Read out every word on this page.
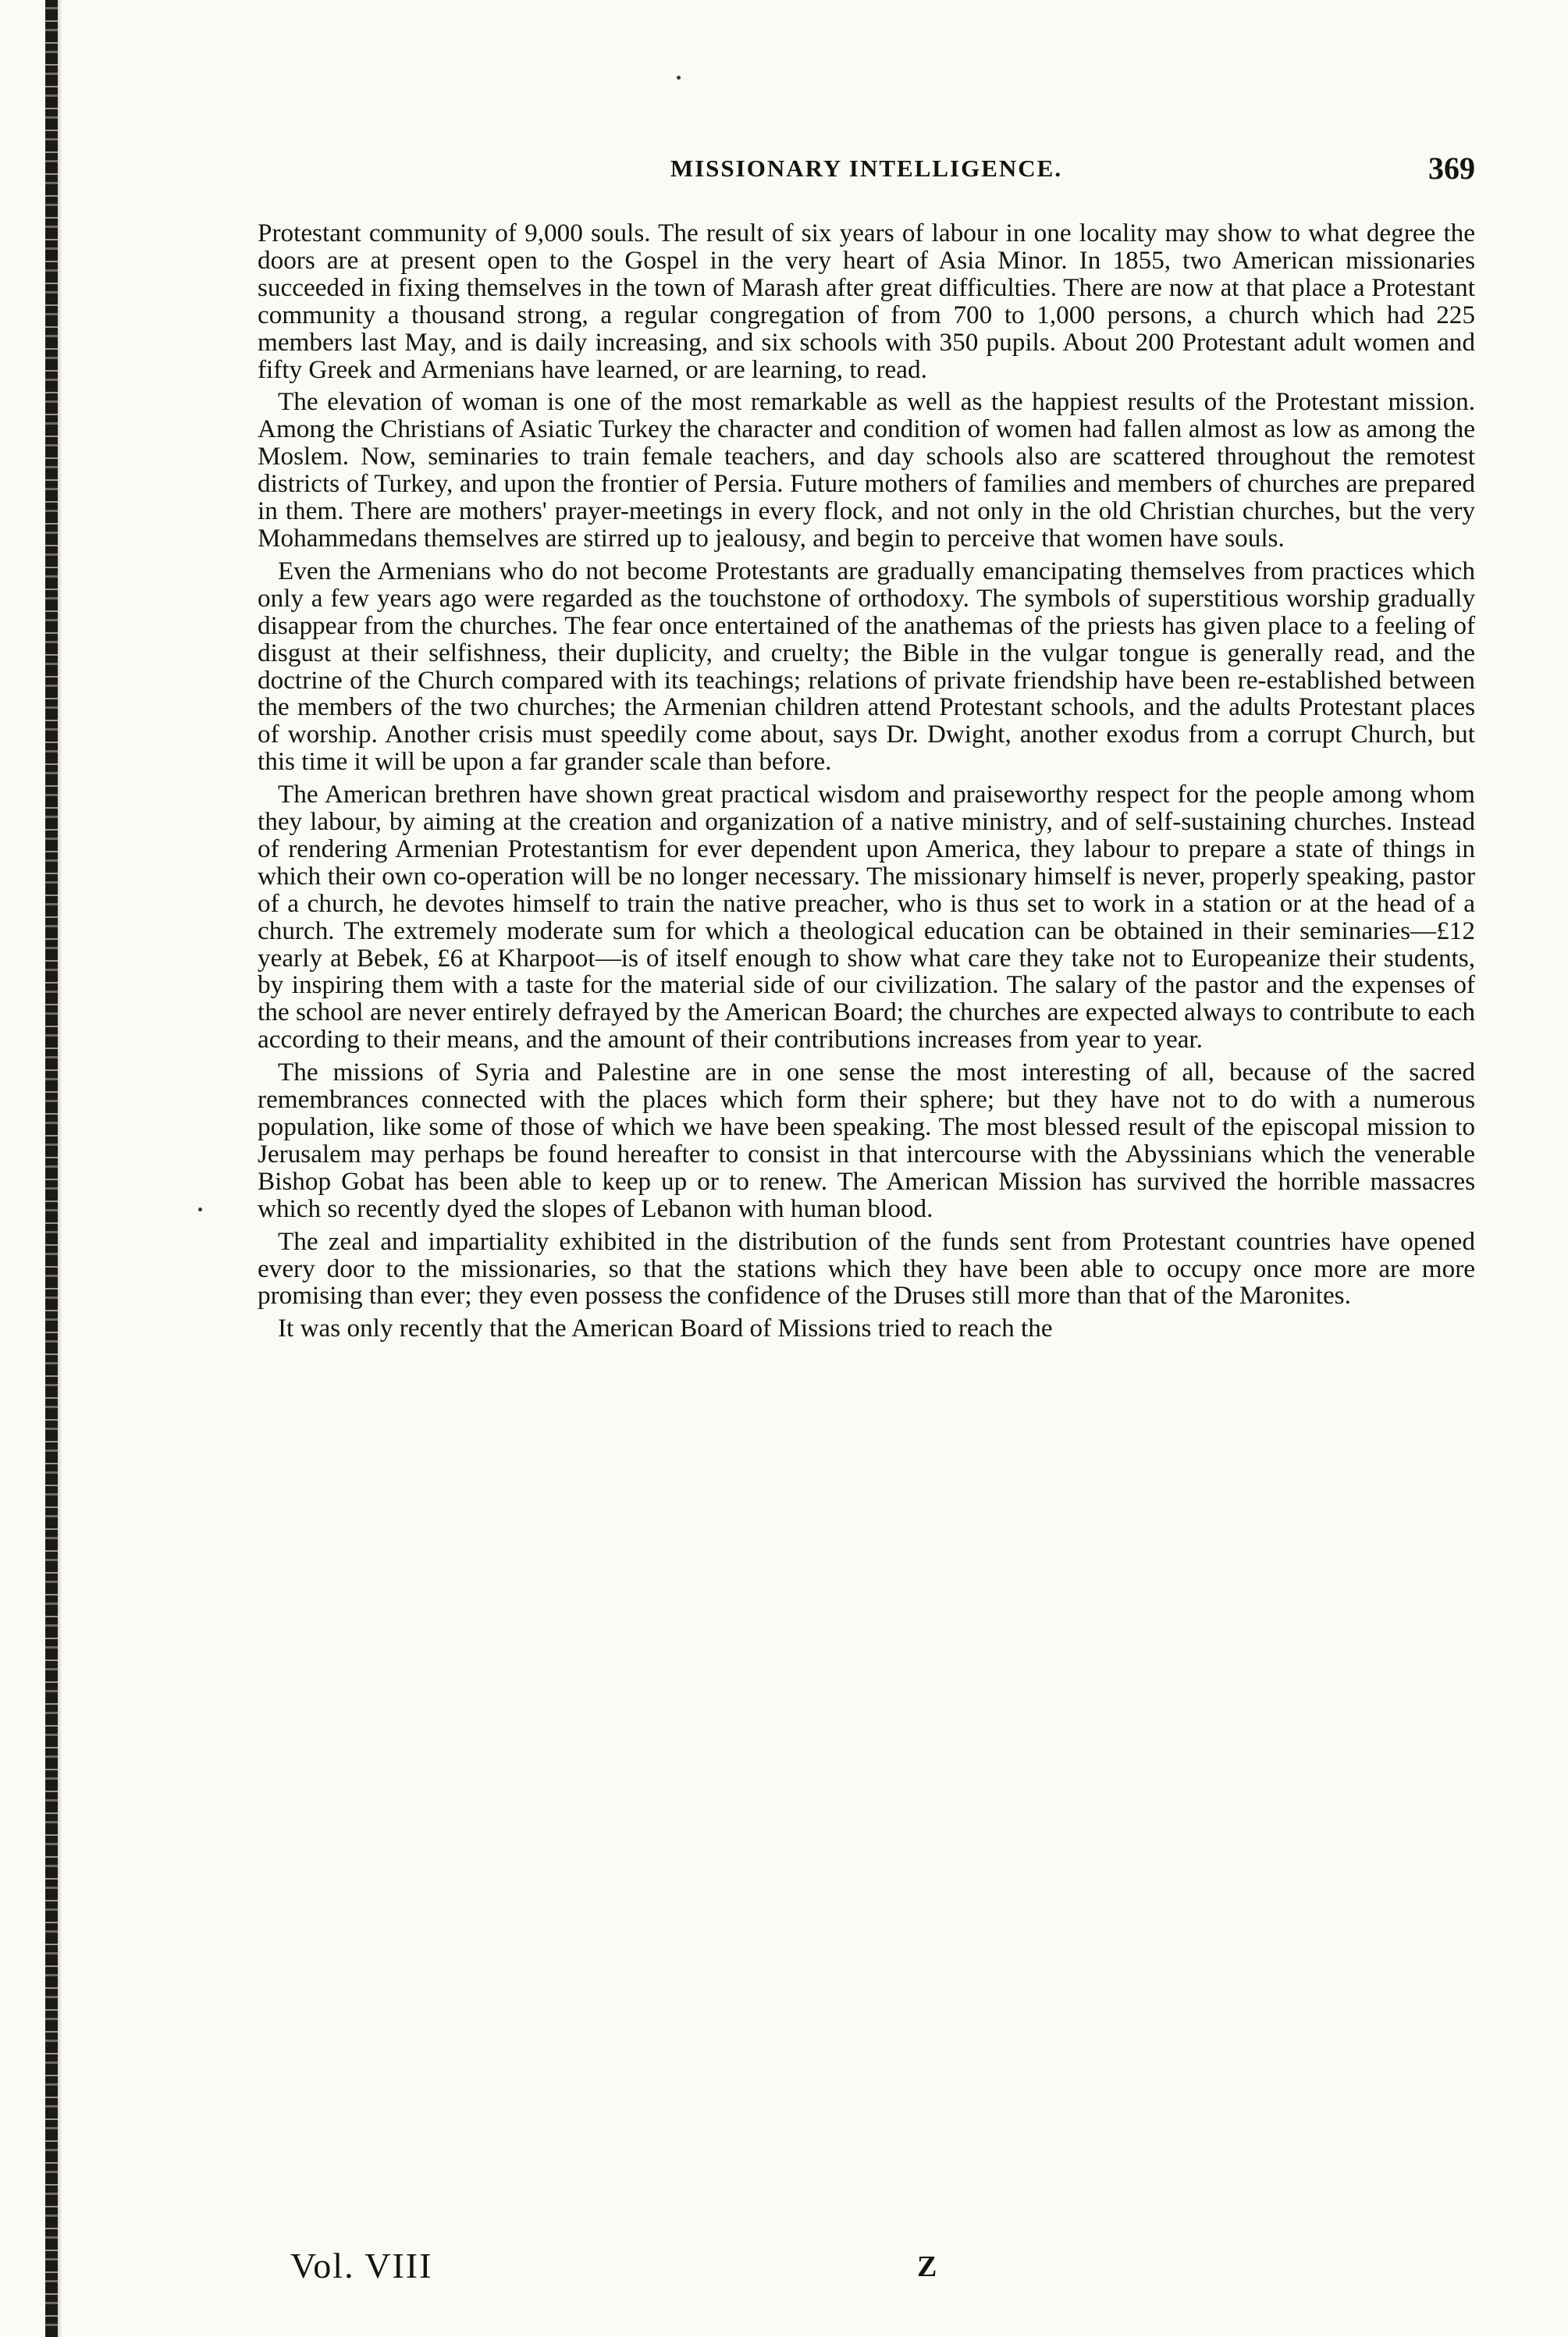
MISSIONARY INTELLIGENCE.	369

Protestant community of 9,000 souls. The result of six years of labour in one locality may show to what degree the doors are at present open to the Gospel in the very heart of Asia Minor. In 1855, two American missionaries succeeded in fixing themselves in the town of Marash after great difficulties. There are now at that place a Protestant community a thousand strong, a regular congregation of from 700 to 1,000 persons, a church which had 225 members last May, and is daily increasing, and six schools with 350 pupils. About 200 Protestant adult women and fifty Greek and Armenians have learned, or are learning, to read.

The elevation of woman is one of the most remarkable as well as the happiest results of the Protestant mission. Among the Christians of Asiatic Turkey the character and condition of women had fallen almost as low as among the Moslem. Now, seminaries to train female teachers, and day schools also are scattered throughout the remotest districts of Turkey, and upon the frontier of Persia. Future mothers of families and members of churches are prepared in them. There are mothers' prayer-meetings in every flock, and not only in the old Christian churches, but the very Mohammedans themselves are stirred up to jealousy, and begin to perceive that women have souls.

Even the Armenians who do not become Protestants are gradually emancipating themselves from practices which only a few years ago were regarded as the touchstone of orthodoxy. The symbols of superstitious worship gradually disappear from the churches. The fear once entertained of the anathemas of the priests has given place to a feeling of disgust at their selfishness, their duplicity, and cruelty; the Bible in the vulgar tongue is generally read, and the doctrine of the Church compared with its teachings; relations of private friendship have been re-established between the members of the two churches; the Armenian children attend Protestant schools, and the adults Protestant places of worship. Another crisis must speedily come about, says Dr. Dwight, another exodus from a corrupt Church, but this time it will be upon a far grander scale than before.

The American brethren have shown great practical wisdom and praiseworthy respect for the people among whom they labour, by aiming at the creation and organization of a native ministry, and of self-sustaining churches. Instead of rendering Armenian Protestantism for ever dependent upon America, they labour to prepare a state of things in which their own co-operation will be no longer necessary. The missionary himself is never, properly speaking, pastor of a church, he devotes himself to train the native preacher, who is thus set to work in a station or at the head of a church. The extremely moderate sum for which a theological education can be obtained in their seminaries—£12 yearly at Bebek, £6 at Kharpoot—is of itself enough to show what care they take not to Europeanize their students, by inspiring them with a taste for the material side of our civilization. The salary of the pastor and the expenses of the school are never entirely defrayed by the American Board; the churches are expected always to contribute to each according to their means, and the amount of their contributions increases from year to year.

The missions of Syria and Palestine are in one sense the most interesting of all, because of the sacred remembrances connected with the places which form their sphere; but they have not to do with a numerous population, like some of those of which we have been speaking. The most blessed result of the episcopal mission to Jerusalem may perhaps be found hereafter to consist in that intercourse with the Abyssinians which the venerable Bishop Gobat has been able to keep up or to renew. The American Mission has survived the horrible massacres which so recently dyed the slopes of Lebanon with human blood.

The zeal and impartiality exhibited in the distribution of the funds sent from Protestant countries have opened every door to the missionaries, so that the stations which they have been able to occupy once more are more promising than ever; they even possess the confidence of the Druses still more than that of the Maronites.

It was only recently that the American Board of Missions tried to reach the

Vol. VIII	Z
